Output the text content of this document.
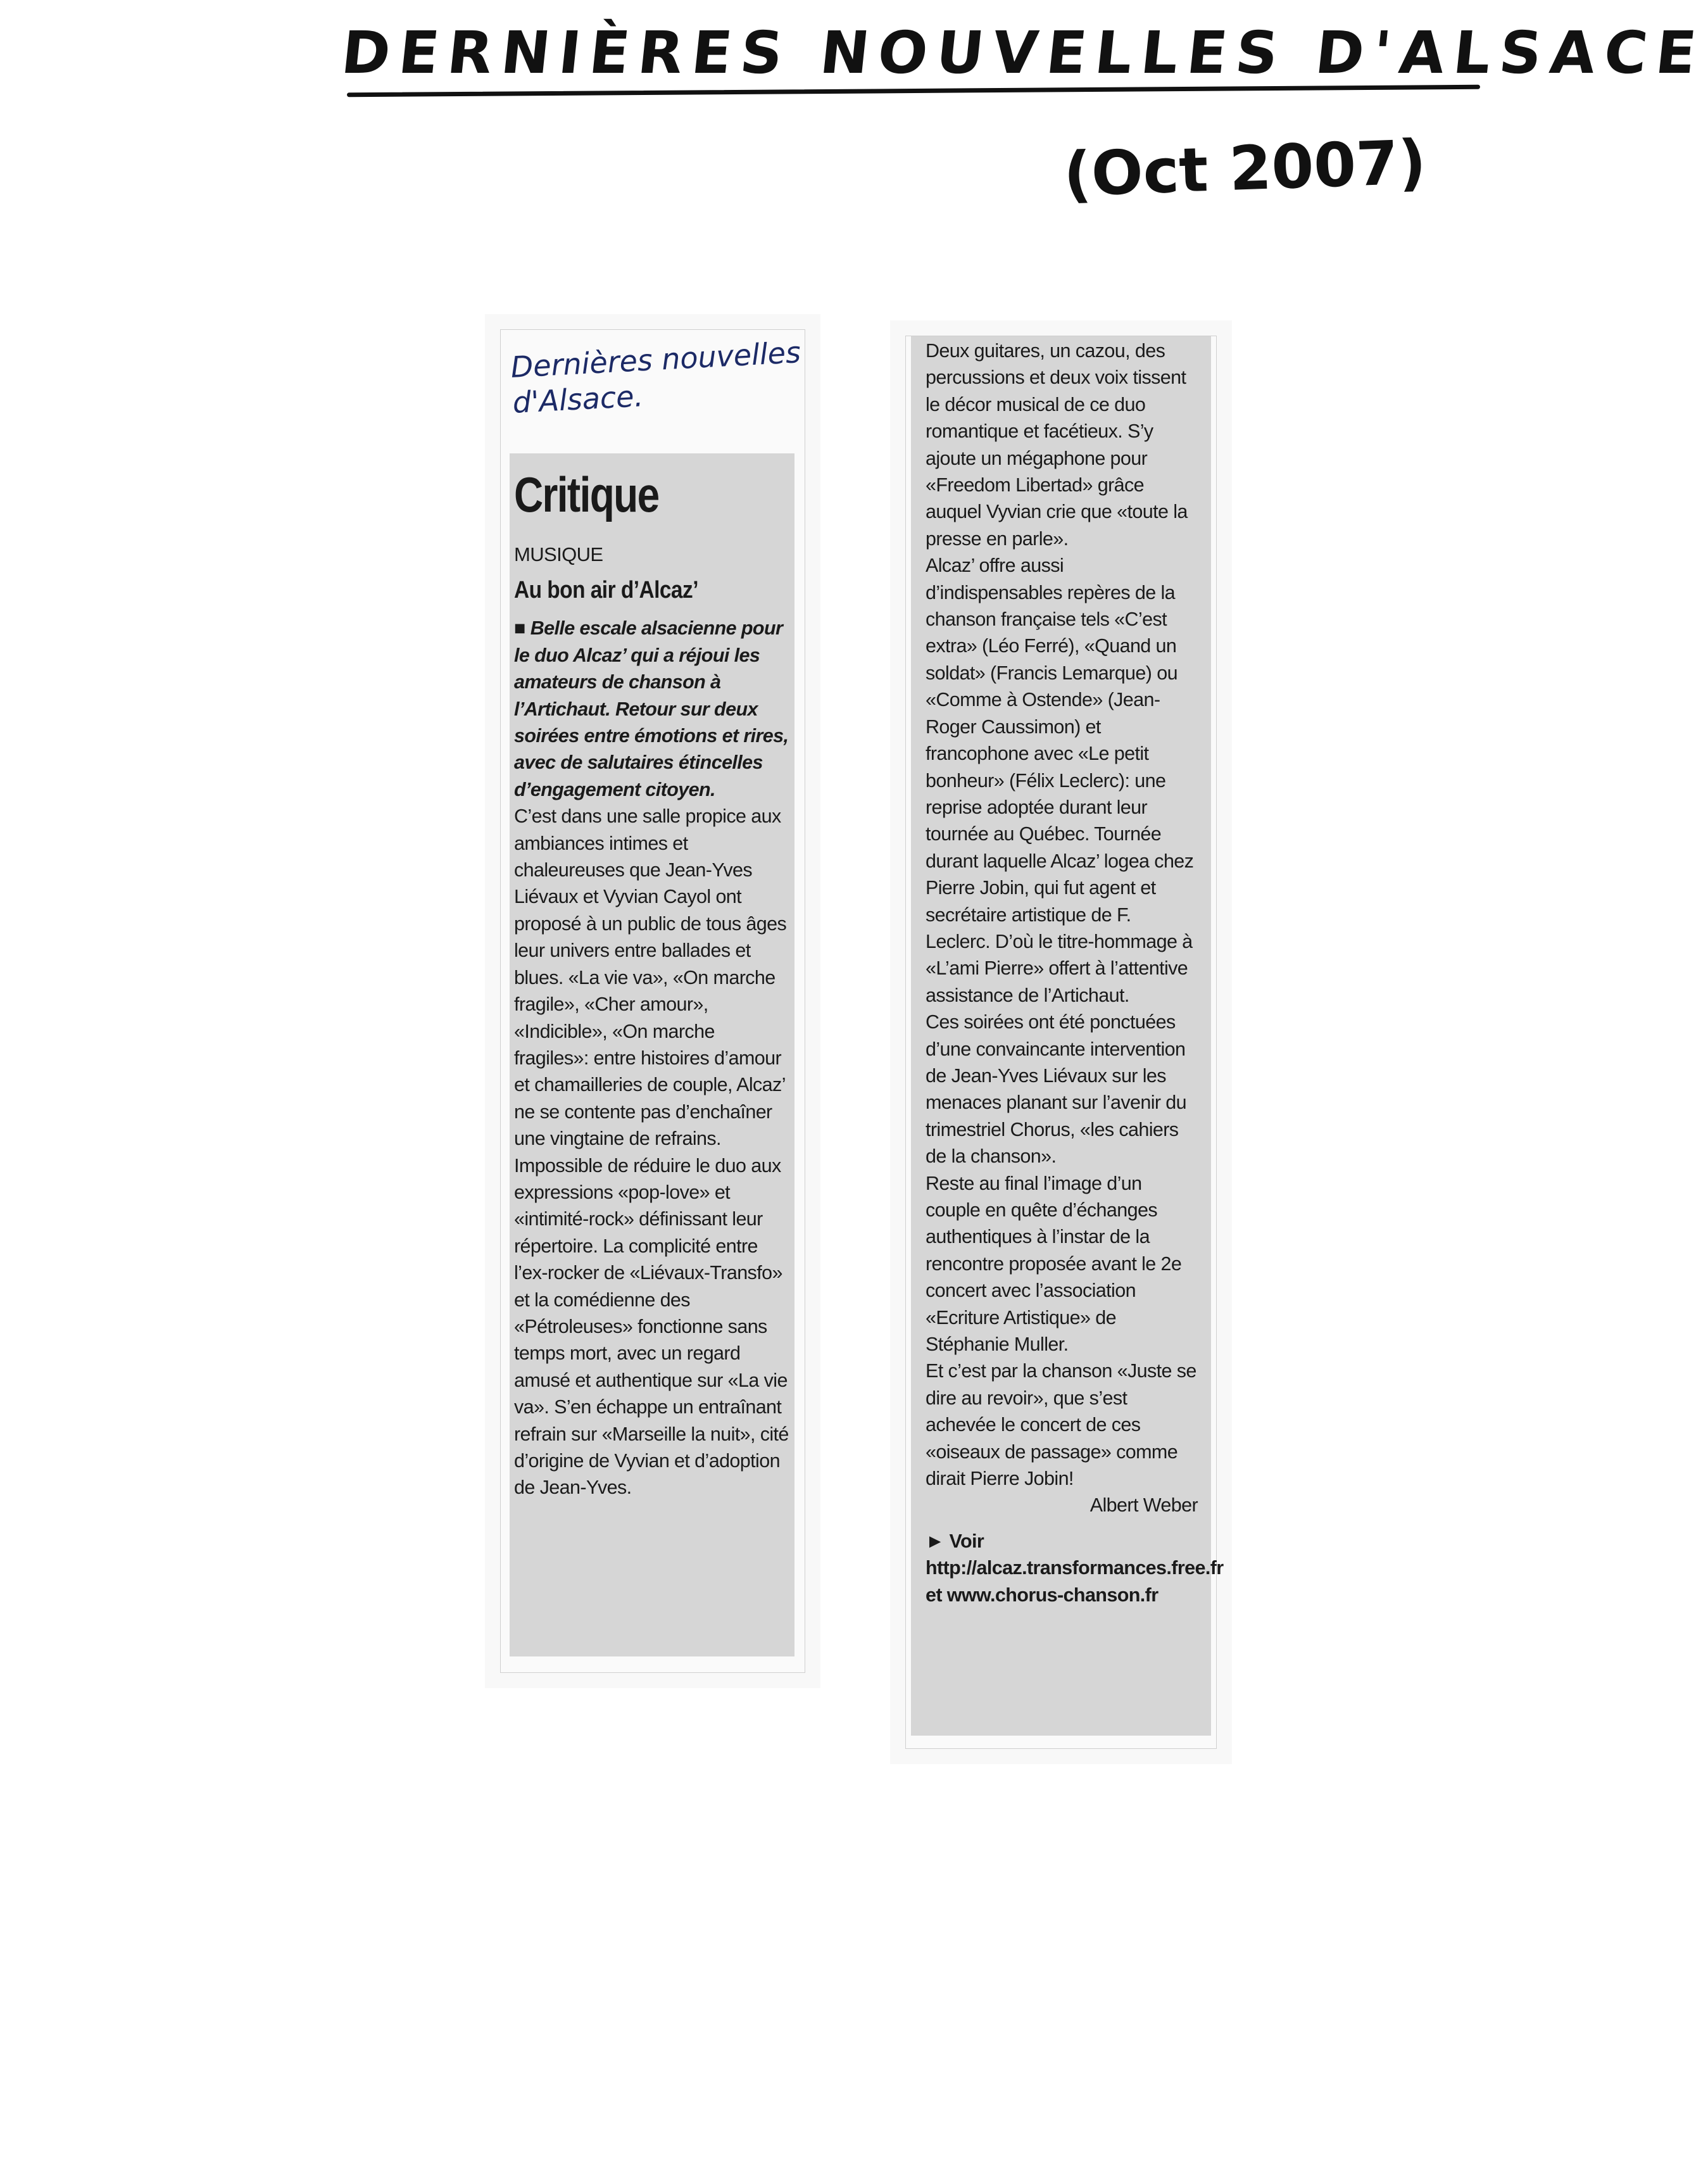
DERNIÈRES NOUVELLES D'ALSACE
(Oct 2007)
Dernières nouvelles
d'Alsace.
Critique
MUSIQUE
Au bon air d’Alcaz’

■ Belle escale alsacienne pour le duo Alcaz’ qui a réjoui les amateurs de chanson à l’Artichaut. Retour sur deux soirées entre émotions et rires, avec de salutaires étincelles d’engagement citoyen.

C’est dans une salle propice aux ambiances intimes et chaleureuses que Jean-Yves Liévaux et Vyvian Cayol ont proposé à un public de tous âges leur univers entre ballades et blues. «La vie va», «On marche fragile», «Cher amour», «Indicible», «On marche fragiles»: entre histoires d’amour et chamailleries de couple, Alcaz’ ne se contente pas d’enchaîner une vingtaine de refrains.

Impossible de réduire le duo aux expressions «pop-love» et «intimité-rock» définissant leur répertoire. La complicité entre l’ex-rocker de «Liévaux-Transfo» et la comédienne des «Pétroleuses» fonctionne sans temps mort, avec un regard amusé et authentique sur «La vie va». S’en échappe un entraînant refrain sur «Marseille la nuit», cité d’origine de Vyvian et d’adoption de Jean-Yves.

Deux guitares, un cazou, des percussions et deux voix tissent le décor musical de ce duo romantique et facétieux. S’y ajoute un mégaphone pour «Freedom Libertad» grâce auquel Vyvian crie que «toute la presse en parle».

Alcaz’ offre aussi d’indispensables repères de la chanson française tels «C’est extra» (Léo Ferré), «Quand un soldat» (Francis Lemarque) ou «Comme à Ostende» (Jean-Roger Caussimon) et francophone avec «Le petit bonheur» (Félix Leclerc): une reprise adoptée durant leur tournée au Québec. Tournée durant laquelle Alcaz’ logea chez Pierre Jobin, qui fut agent et secrétaire artistique de F. Leclerc. D’où le titre-hommage à «L’ami Pierre» offert à l’attentive assistance de l’Artichaut.

Ces soirées ont été ponctuées d’une convaincante intervention de Jean-Yves Liévaux sur les menaces planant sur l’avenir du trimestriel Chorus, «les cahiers de la chanson».

Reste au final l’image d’un couple en quête d’échanges authentiques à l’instar de la rencontre proposée avant le 2e concert avec l’association «Ecriture Artistique» de Stéphanie Muller.

Et c’est par la chanson «Juste se dire au revoir», que s’est achevée le concert de ces «oiseaux de passage» comme dirait Pierre Jobin!

Albert Weber

► Voir http://alcaz.transformances.free.fr et www.chorus-chanson.fr
